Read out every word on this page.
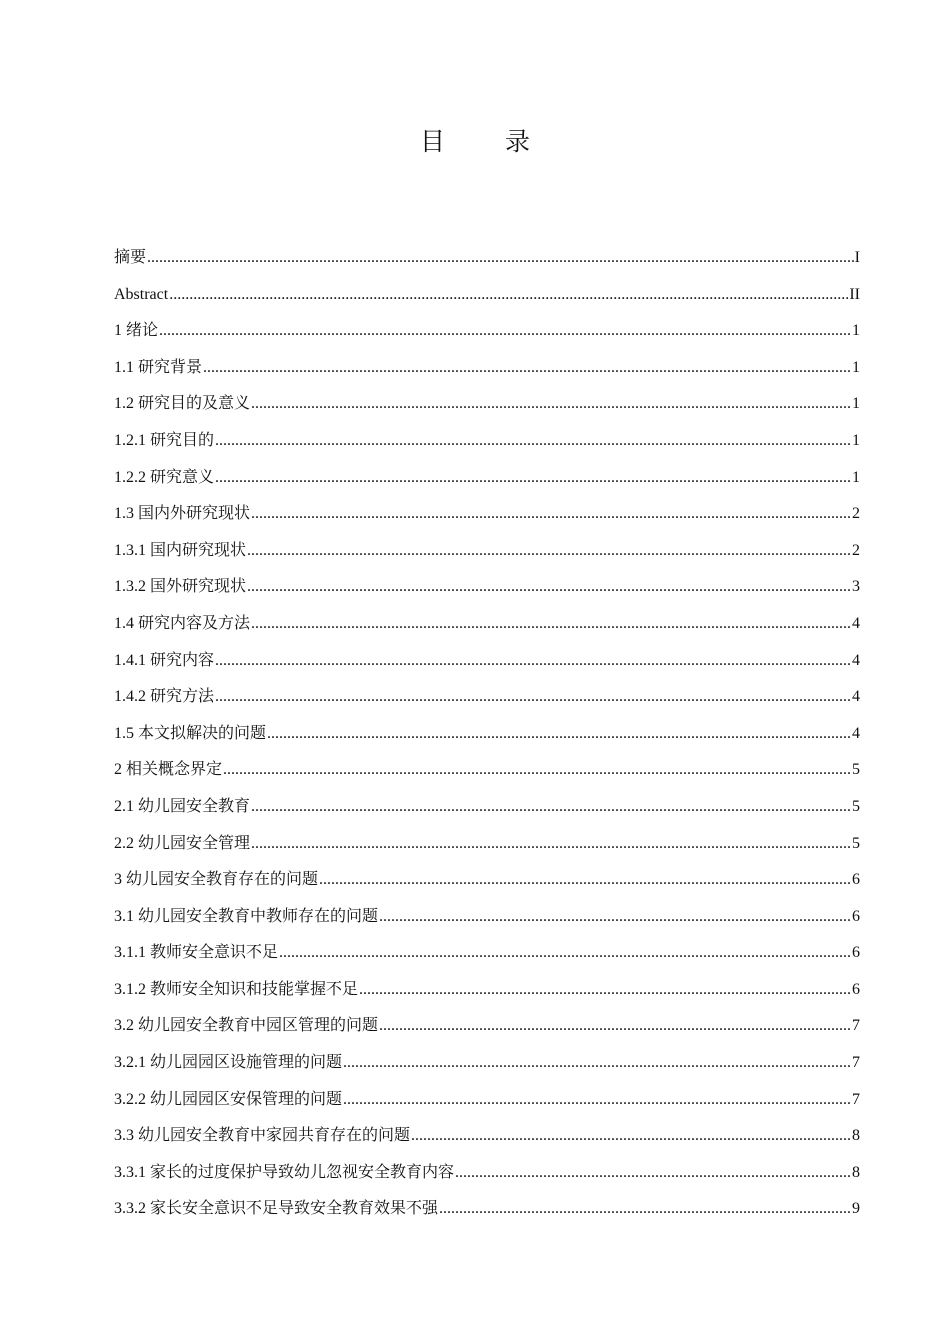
目 录
摘要 .....	I
Abstract .....	II
1 绪论 .....	1
1.1 研究背景 .....	1
1.2 研究目的及意义 .....	1
1.2.1 研究目的 .....	1
1.2.2 研究意义 .....	1
1.3 国内外研究现状 .....	2
1.3.1 国内研究现状 .....	2
1.3.2 国外研究现状 .....	3
1.4 研究内容及方法 .....	4
1.4.1 研究内容 .....	4
1.4.2 研究方法 .....	4
1.5 本文拟解决的问题 .....	4
2 相关概念界定 .....	5
2.1 幼儿园安全教育 .....	5
2.2 幼儿园安全管理 .....	5
3 幼儿园安全教育存在的问题 .....	6
3.1 幼儿园安全教育中教师存在的问题 .....	6
3.1.1 教师安全意识不足 .....	6
3.1.2 教师安全知识和技能掌握不足 .....	6
3.2 幼儿园安全教育中园区管理的问题 .....	7
3.2.1 幼儿园园区设施管理的问题 .....	7
3.2.2 幼儿园园区安保管理的问题 .....	7
3.3 幼儿园安全教育中家园共育存在的问题 .....	8
3.3.1 家长的过度保护导致幼儿忽视安全教育内容 .....	8
3.3.2 家长安全意识不足导致安全教育效果不强 .....	9
